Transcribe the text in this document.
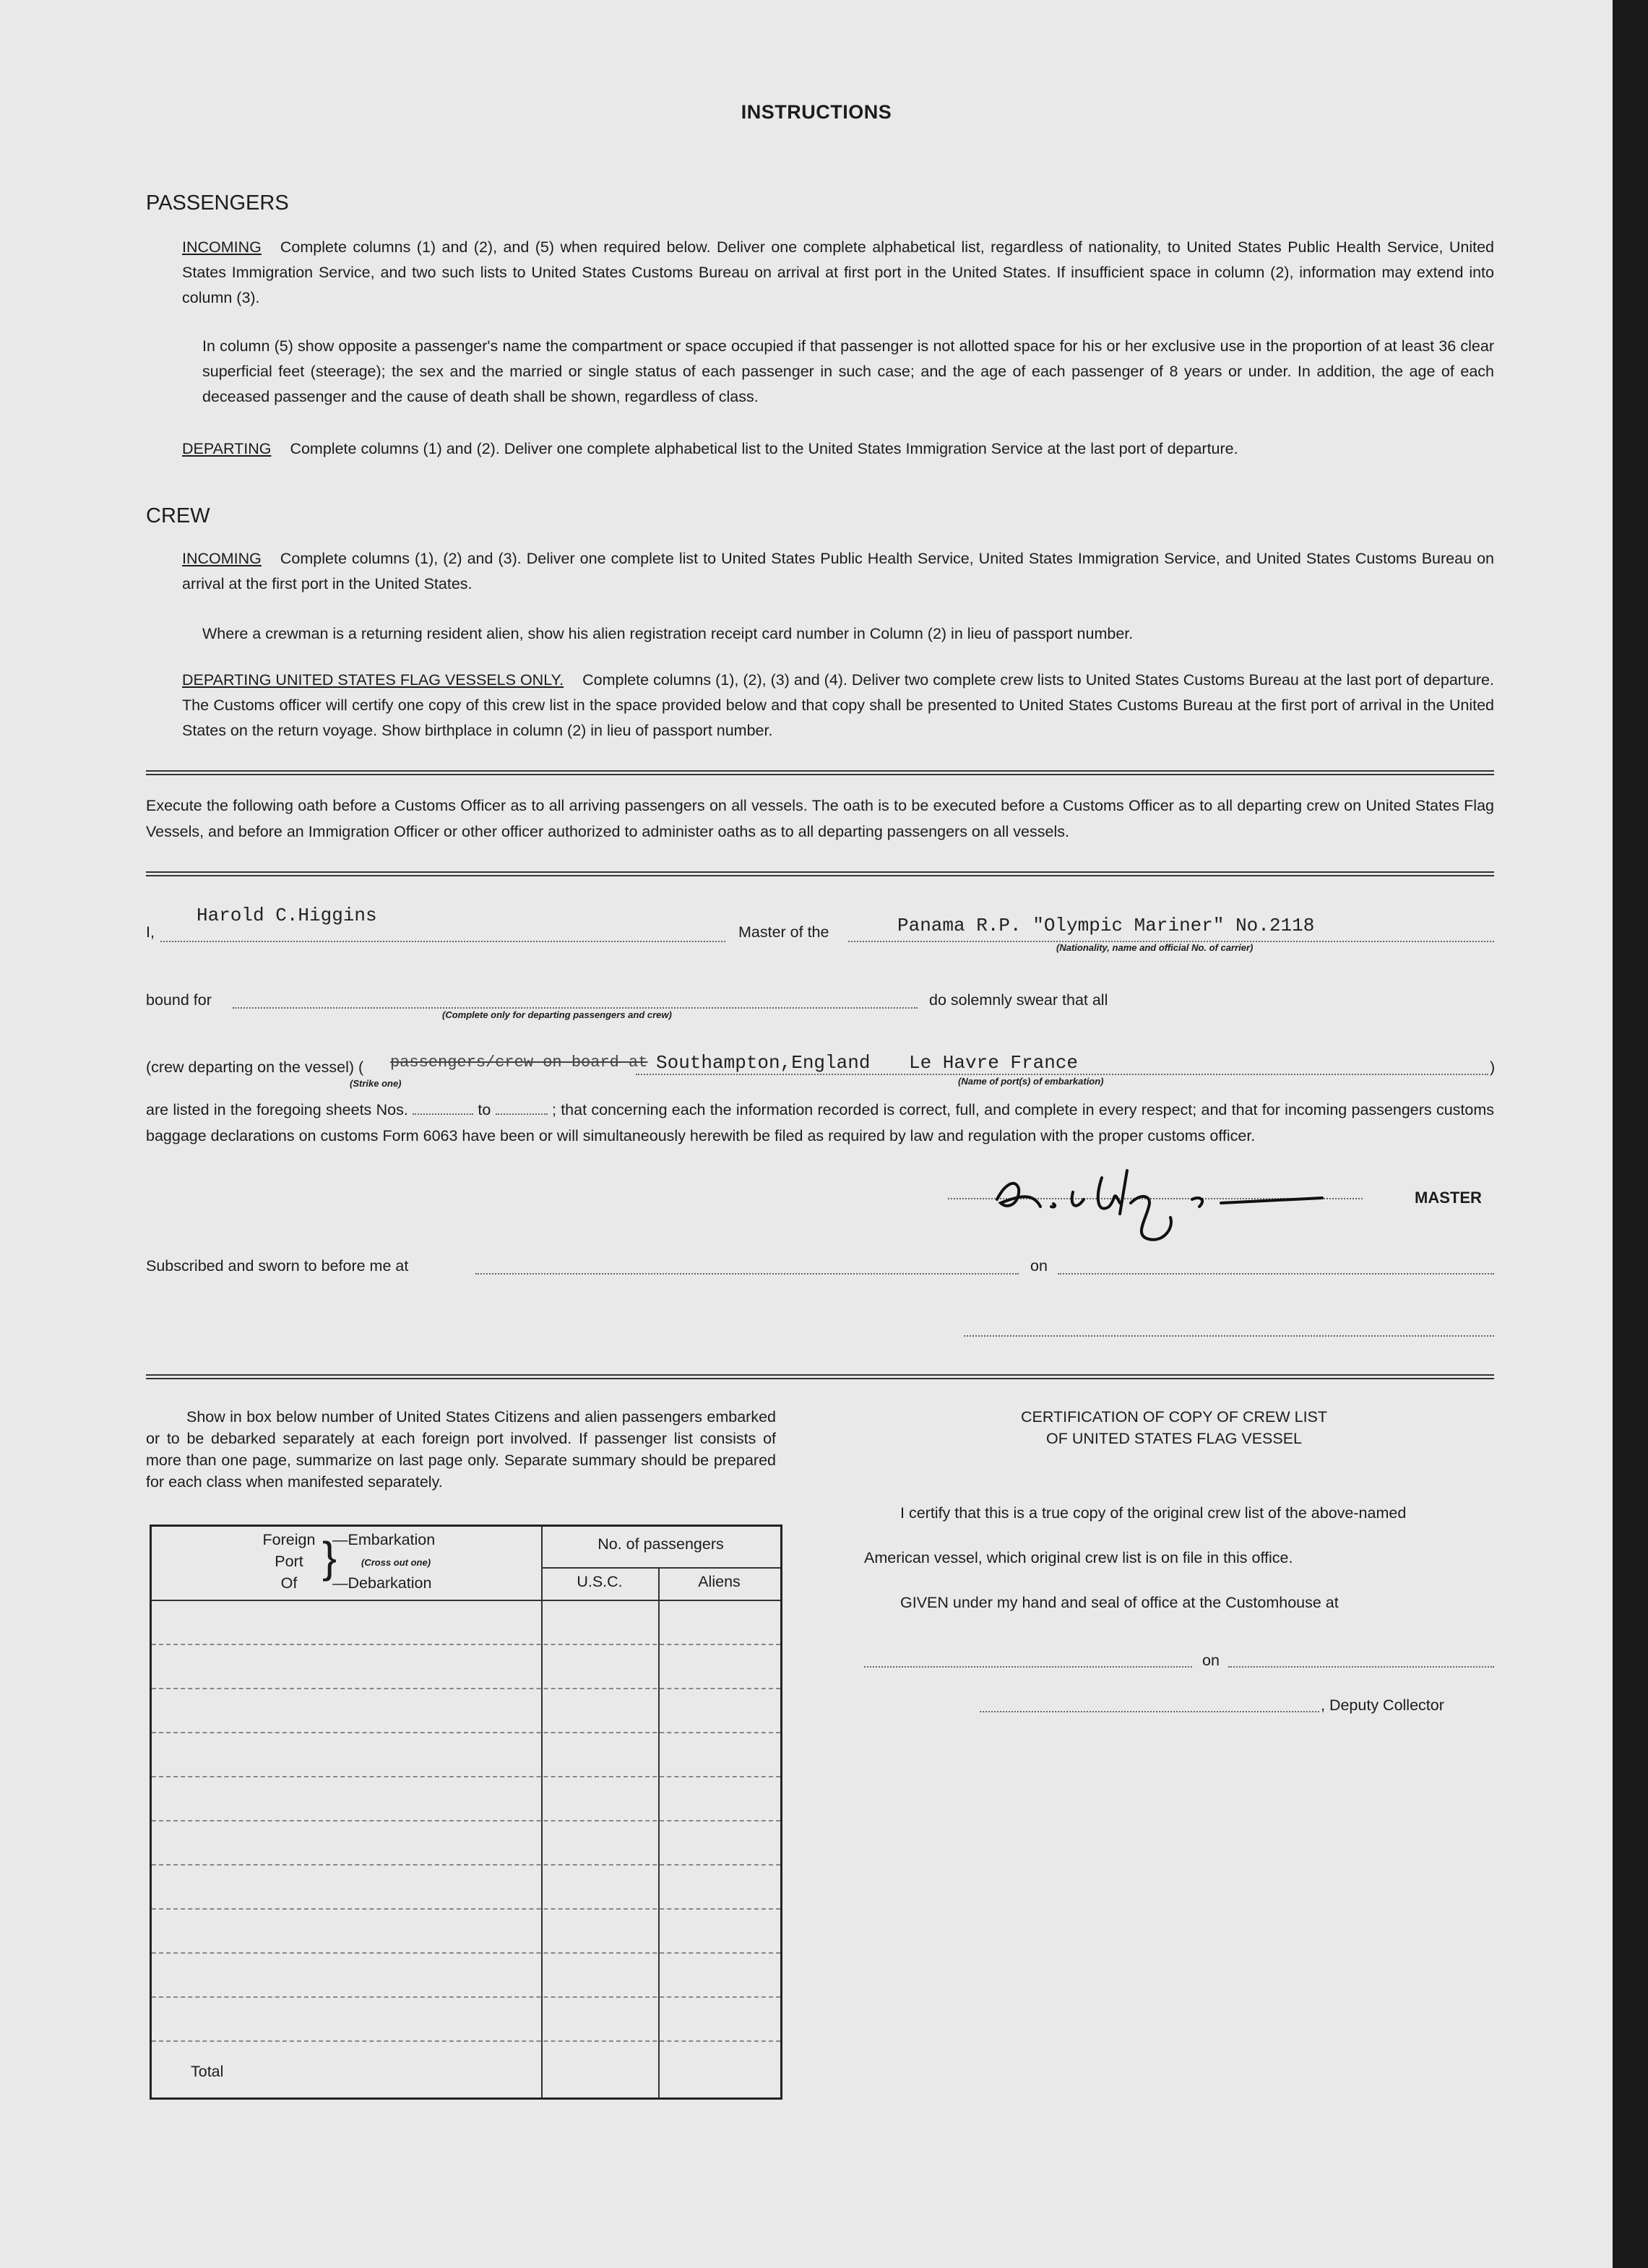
INSTRUCTIONS
PASSENGERS
INCOMING Complete columns (1) and (2), and (5) when required below. Deliver one complete alphabetical list, regardless of nationality, to United States Public Health Service, United States Immigration Service, and two such lists to United States Customs Bureau on arrival at first port in the United States. If insufficient space in column (2), information may extend into column (3).
In column (5) show opposite a passenger's name the compartment or space occupied if that passenger is not allotted space for his or her exclusive use in the proportion of at least 36 clear superficial feet (steerage); the sex and the married or single status of each passenger in such case; and the age of each passenger of 8 years or under. In addition, the age of each deceased passenger and the cause of death shall be shown, regardless of class.
DEPARTING Complete columns (1) and (2). Deliver one complete alphabetical list to the United States Immigration Service at the last port of departure.
CREW
INCOMING Complete columns (1), (2) and (3). Deliver one complete list to United States Public Health Service, United States Immigration Service, and United States Customs Bureau on arrival at the first port in the United States.
Where a crewman is a returning resident alien, show his alien registration receipt card number in Column (2) in lieu of passport number.
DEPARTING UNITED STATES FLAG VESSELS ONLY. Complete columns (1), (2), (3) and (4). Deliver two complete crew lists to United States Customs Bureau at the last port of departure. The Customs officer will certify one copy of this crew list in the space provided below and that copy shall be presented to United States Customs Bureau at the first port of arrival in the United States on the return voyage. Show birthplace in column (2) in lieu of passport number.
Execute the following oath before a Customs Officer as to all arriving passengers on all vessels. The oath is to be executed before a Customs Officer as to all departing crew on United States Flag Vessels, and before an Immigration Officer or other officer authorized to administer oaths as to all departing passengers on all vessels.
I,
Harold C.Higgins
Master of the	Panama R.P. "Olympic Mariner" No.2118
(Nationality, name and official No. of carrier)
bound for
(Complete only for departing passengers and crew)
do solemnly swear that all
(crew departing on the vessel) ( passengers/crew on board at
(Strike one)
Southampton,England Le Havre France
(Name of port(s) of embarkation)
)
are listed in the foregoing sheets Nos.	to	; that concerning each the information recorded is correct, full, and complete in every respect; and that for incoming passengers customs baggage declarations on customs Form 6063 have been or will simultaneously herewith be filed as required by law and regulation with the proper customs officer.
MASTER
Subscribed and sworn to before me at	on
Show in box below number of United States Citizens and alien passengers embarked or to be debarked separately at each foreign port involved. If passenger list consists of more than one page, summarize on last page only. Separate summary should be prepared for each class when manifested separately.
Foreign
Port
Of
}
—Embarkation
(Cross out one)
—Debarkation
No. of passengers
U.S.C.	Aliens
Total
CERTIFICATION OF COPY OF CREW LIST
OF UNITED STATES FLAG VESSEL
I certify that this is a true copy of the original crew list of the above-named
American vessel, which original crew list is on file in this office.
GIVEN under my hand and seal of office at the Customhouse at
on
, Deputy Collector
